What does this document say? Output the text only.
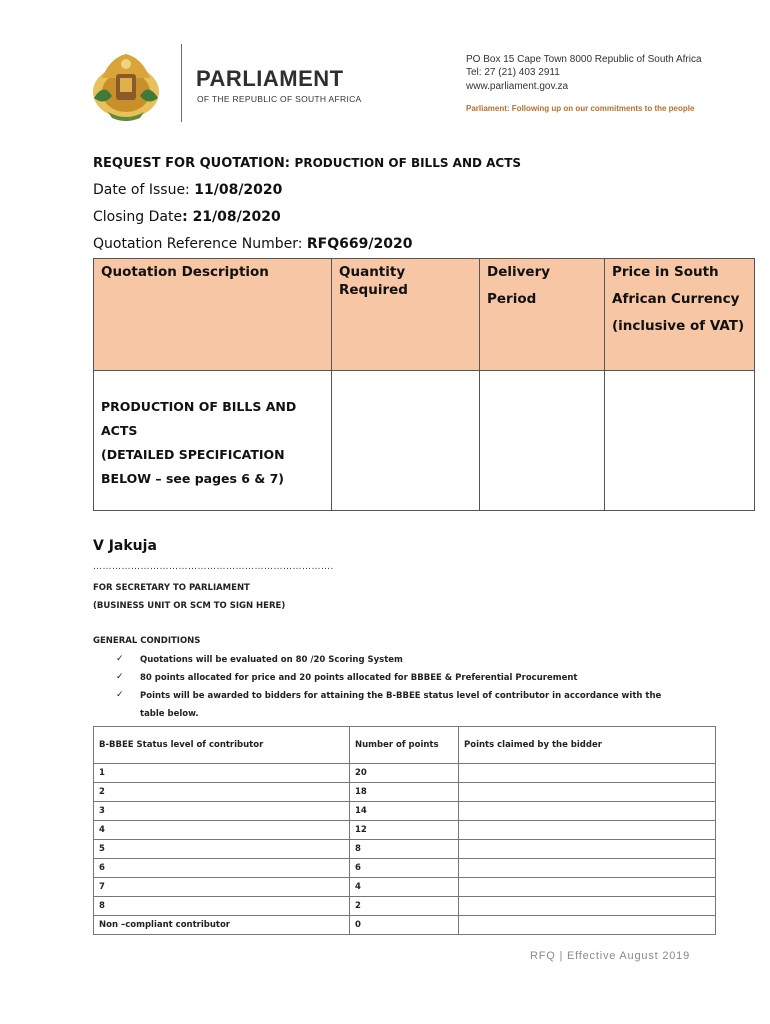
PARLIAMENT
OF THE REPUBLIC OF SOUTH AFRICA
PO Box 15 Cape Town 8000 Republic of South Africa
Tel: 27 (21) 403 2911
www.parliament.gov.za
Parliament: Following up on our commitments to the people
REQUEST FOR QUOTATION: PRODUCTION OF BILLS AND ACTS
Date of Issue: 11/08/2020
Closing Date: 21/08/2020
Quotation Reference Number: RFQ669/2020
Quotation Description	Quantity Required	Delivery Period	Price in South African Currency (inclusive of VAT)

PRODUCTION OF BILLS AND ACTS
(DETAILED SPECIFICATION BELOW – see pages 6 & 7)			

V Jakuja
………………………………………………………………….
FOR SECRETARY TO PARLIAMENT
(BUSINESS UNIT OR SCM TO SIGN HERE)
GENERAL CONDITIONS
✓ Quotations will be evaluated on 80 /20 Scoring System
✓ 80 points allocated for price and 20 points allocated for BBBEE & Preferential Procurement
✓ Points will be awarded to bidders for attaining the B-BBEE status level of contributor in accordance with the
table below.
B-BBEE Status level of contributor	Number of points	Points claimed by the bidder
1	20	
2	18	
3	14	
4	12	
5	8	
6	6	
7	4	
8	2	
Non –compliant contributor	0	
RFQ | Effective August 2019
